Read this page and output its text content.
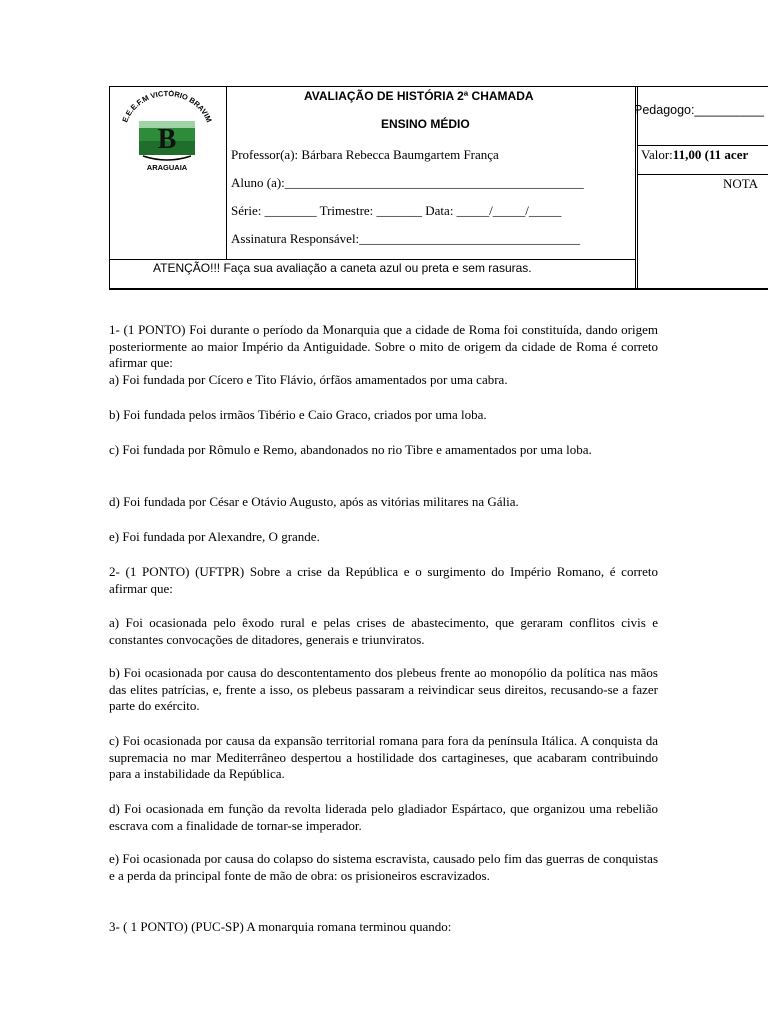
E.E.E.F.M VICTÓRIO BRAVIM
B
ARAGUAIA
AVALIAÇÃO DE HISTÓRIA 2ª CHAMADA
ENSINO MÉDIO
Professor(a): Bárbara Rebecca Baumgartem França
Aluno (a):______________________________________________
Série: ________ Trimestre: _______ Data: _____/_____/_____
Assinatura Responsável:__________________________________
ATENÇÃO!!! Faça sua avaliação a caneta azul ou preta e sem rasuras.
Pedagogo:__________
Valor:11,00 (11 acer
NOTA

1- (1 PONTO) Foi durante o período da Monarquia que a cidade de Roma foi constituída, dando origem posteriormente ao maior Império da Antiguidade. Sobre o mito de origem da cidade de Roma é correto afirmar que:

a) Foi fundada por Cícero e Tito Flávio, órfãos amamentados por uma cabra.

b) Foi fundada pelos irmãos Tibério e Caio Graco, criados por uma loba.
c) Foi fundada por Rômulo e Remo, abandonados no rio Tibre e amamentados por uma loba.
d) Foi fundada por César e Otávio Augusto, após as vitórias militares na Gália.
e) Foi fundada por Alexandre, O grande.
2- (1 PONTO) (UFTPR) Sobre a crise da República e o surgimento do Império Romano, é correto afirmar que:
a) Foi ocasionada pelo êxodo rural e pelas crises de abastecimento, que geraram conflitos civis e constantes convocações de ditadores, generais e triunviratos.
b) Foi ocasionada por causa do descontentamento dos plebeus frente ao monopólio da política nas mãos das elites patrícias, e, frente a isso, os plebeus passaram a reivindicar seus direitos, recusando-se a fazer parte do exército.
c) Foi ocasionada por causa da expansão territorial romana para fora da península Itálica. A conquista da supremacia no mar Mediterrâneo despertou a hostilidade dos cartagineses, que acabaram contribuindo para a instabilidade da República.
d) Foi ocasionada em função da revolta liderada pelo gladiador Espártaco, que organizou uma rebelião escrava com a finalidade de tornar-se imperador.
e) Foi ocasionada por causa do colapso do sistema escravista, causado pelo fim das guerras de conquistas e a perda da principal fonte de mão de obra: os prisioneiros escravizados.
3- ( 1 PONTO) (PUC-SP) A monarquia romana terminou quando:
